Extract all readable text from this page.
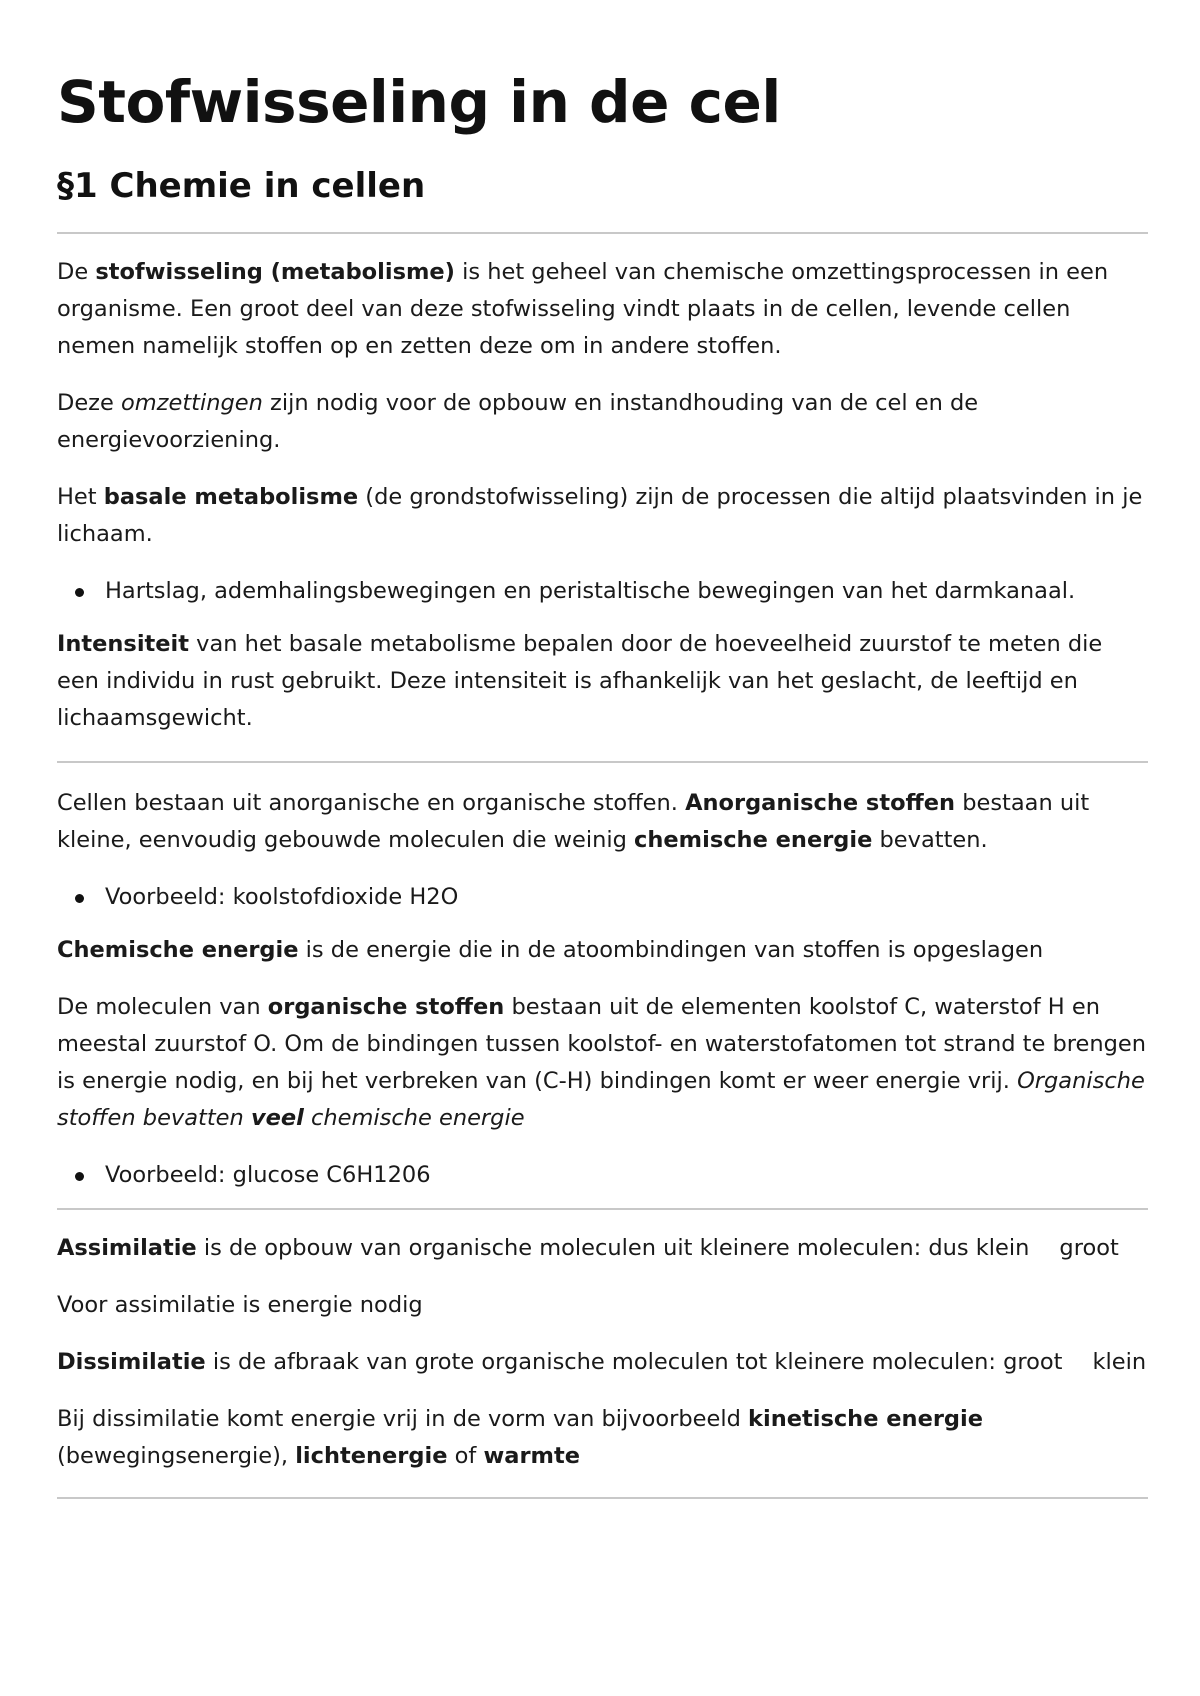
Stofwisseling in de cel
§1 Chemie in cellen

De stofwisseling (metabolisme) is het geheel van chemische omzettingsprocessen in een organisme. Een groot deel van deze stofwisseling vindt plaats in de cellen, levende cellen nemen namelijk stoffen op en zetten deze om in andere stoffen.

Deze omzettingen zijn nodig voor de opbouw en instandhouding van de cel en de energievoorziening.

Het basale metabolisme (de grondstofwisseling) zijn de processen die altijd plaatsvinden in je lichaam.

Hartslag, ademhalingsbewegingen en peristaltische bewegingen van het darmkanaal.

Intensiteit van het basale metabolisme bepalen door de hoeveelheid zuurstof te meten die een individu in rust gebruikt. Deze intensiteit is afhankelijk van het geslacht, de leeftijd en lichaamsgewicht.

Cellen bestaan uit anorganische en organische stoffen. Anorganische stoffen bestaan uit kleine, eenvoudig gebouwde moleculen die weinig chemische energie bevatten.

Voorbeeld: koolstofdioxide H2O

Chemische energie is de energie die in de atoombindingen van stoffen is opgeslagen

De moleculen van organische stoffen bestaan uit de elementen koolstof C, waterstof H en meestal zuurstof O. Om de bindingen tussen koolstof- en waterstofatomen tot strand te brengen is energie nodig, en bij het verbreken van (C-H) bindingen komt er weer energie vrij. Organische stoffen bevatten veel chemische energie

Voorbeeld: glucose C6H1206

Assimilatie is de opbouw van organische moleculen uit kleinere moleculen: dus klein groot

Voor assimilatie is energie nodig

Dissimilatie is de afbraak van grote organische moleculen tot kleinere moleculen: groot klein

Bij dissimilatie komt energie vrij in de vorm van bijvoorbeeld kinetische energie (bewegingsenergie), lichtenergie of warmte
